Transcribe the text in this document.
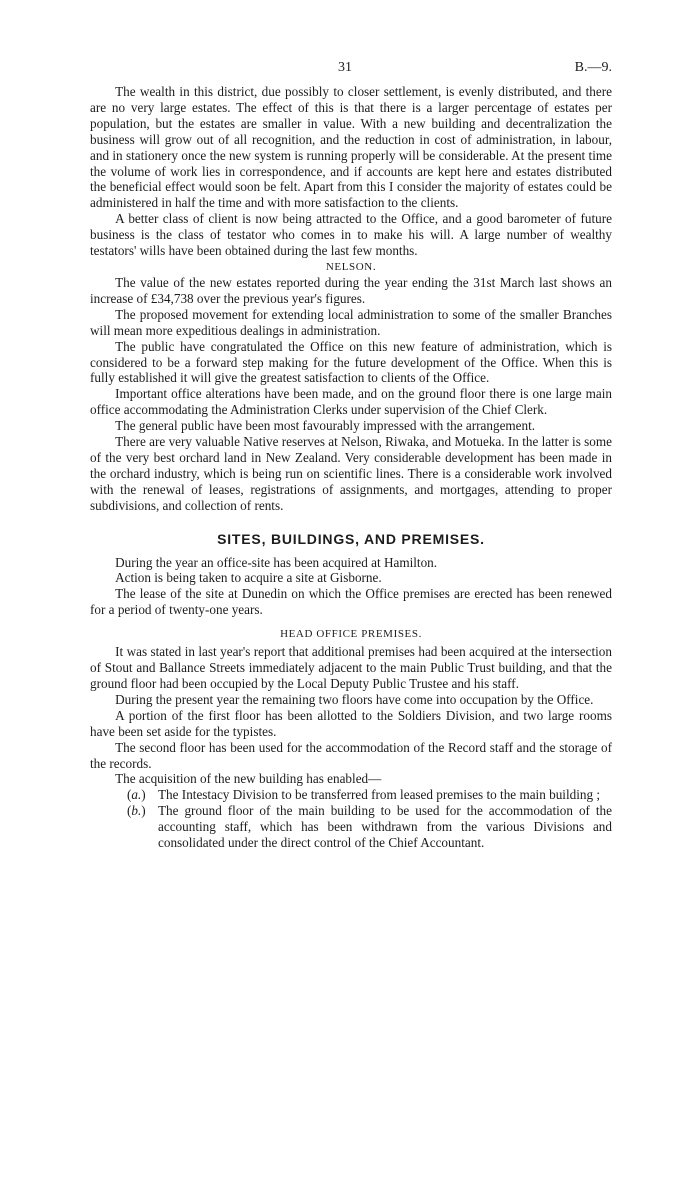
31	B.—9.

The wealth in this district, due possibly to closer settlement, is evenly distributed, and there are no very large estates. The effect of this is that there is a larger percentage of estates per population, but the estates are smaller in value. With a new building and decentralization the business will grow out of all recognition, and the reduction in cost of administration, in labour, and in stationery once the new system is running properly will be considerable. At the present time the volume of work lies in correspondence, and if accounts are kept here and estates distributed the beneficial effect would soon be felt. Apart from this I consider the majority of estates could be administered in half the time and with more satisfaction to the clients.

A better class of client is now being attracted to the Office, and a good barometer of future business is the class of testator who comes in to make his will. A large number of wealthy testators' wills have been obtained during the last few months.

NELSON.

The value of the new estates reported during the year ending the 31st March last shows an increase of £34,738 over the previous year's figures.

The proposed movement for extending local administration to some of the smaller Branches will mean more expeditious dealings in administration.

The public have congratulated the Office on this new feature of administration, which is considered to be a forward step making for the future development of the Office. When this is fully established it will give the greatest satisfaction to clients of the Office.

Important office alterations have been made, and on the ground floor there is one large main office accommodating the Administration Clerks under supervision of the Chief Clerk.

The general public have been most favourably impressed with the arrangement.

There are very valuable Native reserves at Nelson, Riwaka, and Motueka. In the latter is some of the very best orchard land in New Zealand. Very considerable development has been made in the orchard industry, which is being run on scientific lines. There is a considerable work involved with the renewal of leases, registrations of assignments, and mortgages, attending to proper subdivisions, and collection of rents.

SITES, BUILDINGS, AND PREMISES.

During the year an office-site has been acquired at Hamilton.

Action is being taken to acquire a site at Gisborne.

The lease of the site at Dunedin on which the Office premises are erected has been renewed for a period of twenty-one years.

HEAD OFFICE PREMISES.

It was stated in last year's report that additional premises had been acquired at the intersection of Stout and Ballance Streets immediately adjacent to the main Public Trust building, and that the ground floor had been occupied by the Local Deputy Public Trustee and his staff.

During the present year the remaining two floors have come into occupation by the Office.

A portion of the first floor has been allotted to the Soldiers Division, and two large rooms have been set aside for the typistes.

The second floor has been used for the accommodation of the Record staff and the storage of the records.

The acquisition of the new building has enabled—

(a.) The Intestacy Division to be transferred from leased premises to the main building ;

(b.) The ground floor of the main building to be used for the accommodation of the accounting staff, which has been withdrawn from the various Divisions and consolidated under the direct control of the Chief Accountant.
